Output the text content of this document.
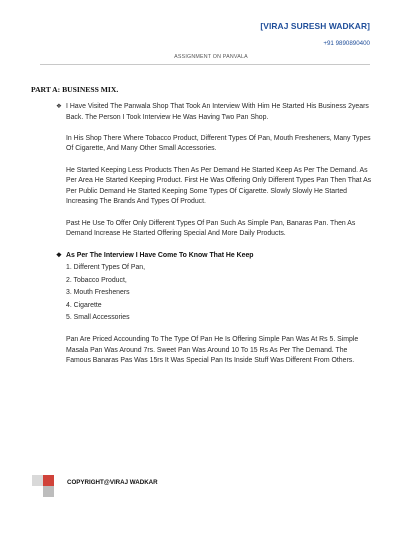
[VIRAJ SURESH WADKAR]
+91 9890890400
ASSIGNMENT ON PANVALA
PART A: BUSINESS MIX.
❖ I Have Visited The Panwala Shop That Took An Interview With Him He Started His Business 2years Back. The Person I Took Interview He Was Having Two Pan Shop.

In His Shop There Where Tobacco Product, Different Types Of Pan, Mouth Fresheners, Many Types Of Cigarette, And Many Other Small Accessories.

He Started Keeping Less Products Then As Per Demand He Started Keep As Per The Demand. As Per Area He Started Keeping Product. First He Was Offering Only Different Types Pan Then That As Per Public Demand He Started Keeping Some Types Of Cigarette. Slowly Slowly He Started Increasing The Brands And Types Of Product.

Past He Use To Offer Only Different Types Of Pan Such As Simple Pan, Banaras Pan. Then As Demand Increase He Started Offering Special And More Daily Products.

❖ As Per The Interview I Have Come To Know That He Keep
1. Different Types Of Pan,
2. Tobacco Product,
3. Mouth Fresheners
4. Cigarette
5. Small Accessories

Pan Are Priced Accounding To The Type Of Pan He Is Offering Simple Pan Was At Rs 5. Simple Masala Pan Was Around 7rs. Sweet Pan Was Around 10 To 15 Rs As Per The Demand. The Famous Banaras Pas Was 15rs It Was Special Pan Its Inside Stuff Was Different From Others.

COPYRIGHT@VIRAJ WADKAR
